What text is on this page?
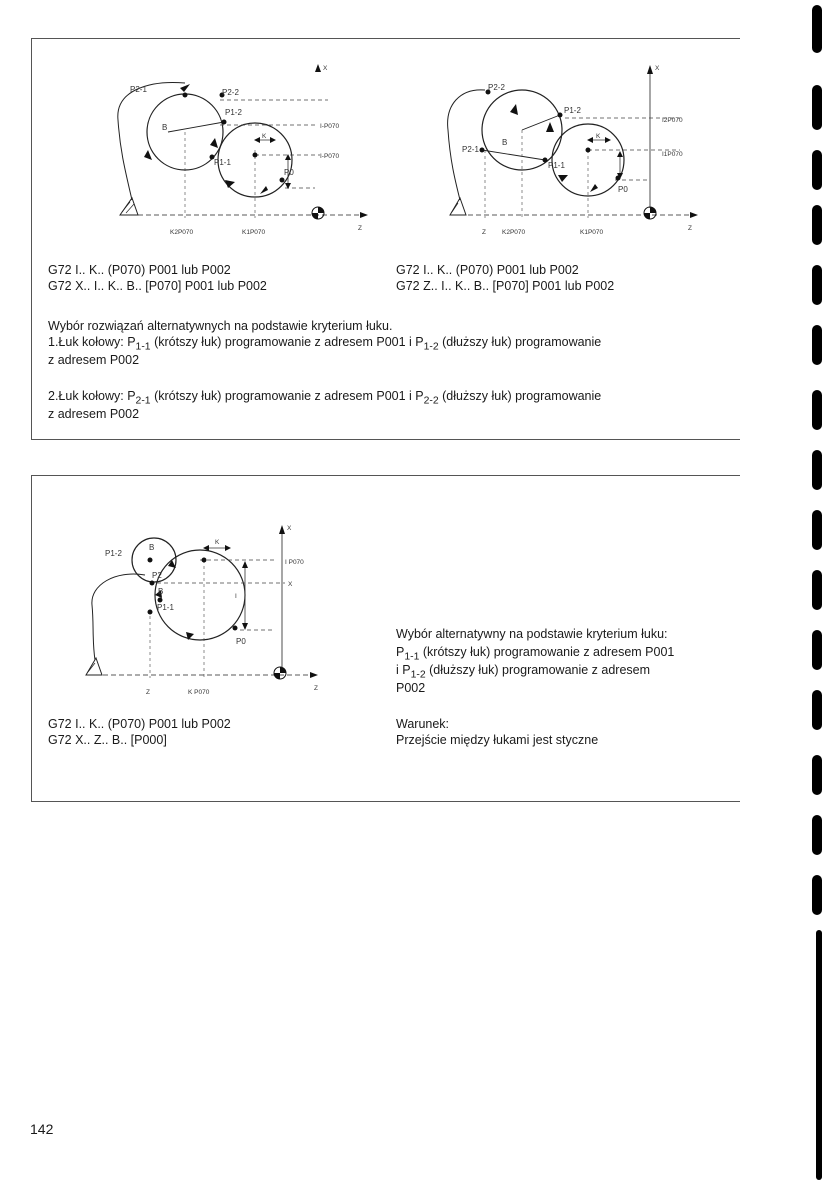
P2-1	P2-2
P1-2
B
P1-1
P0
K
X
Z
I-P070
I-P070
K2P070	K1P070
P2-2
P1-2
P2-1
B
P1-1
P0
K
X
Z
I2P070
I1P070
Z K2P070	K1P070
G72 I.. K.. (P070) P001 lub P002
G72 X.. I.. K.. B.. [P070] P001 lub P002
G72 I.. K.. (P070) P001 lub P002
G72 Z.. I.. K.. B.. [P070] P001 lub P002
Wybór rozwiązań alternatywnych na podstawie kryterium łuku.
1.Łuk kołowy: $P_{1-1}$ (krótszy łuk) programowanie z adresem P001 i $P_{1-2}$ (dłuższy łuk) programowanie
z adresem P002
2.Łuk kołowy: $P_{2-1}$ (krótszy łuk) programowanie z adresem P001 i $P_{2-2}$ (dłuższy łuk) programowanie
z adresem P002
P1-2
B
P2
B
P1-1
P0
K
I
X
X
Z
Z
I P070
K P070
Wybór alternatywny na podstawie kryterium łuku:
$P_{1-1}$ (krótszy łuk) programowanie z adresem P001
i $P_{1-2}$ (dłuższy łuk) programowanie z adresem
P002
G72 I.. K.. (P070) P001 lub P002
G72 X.. Z.. B.. [P000]
Warunek:
Przejście między łukami jest styczne
142
